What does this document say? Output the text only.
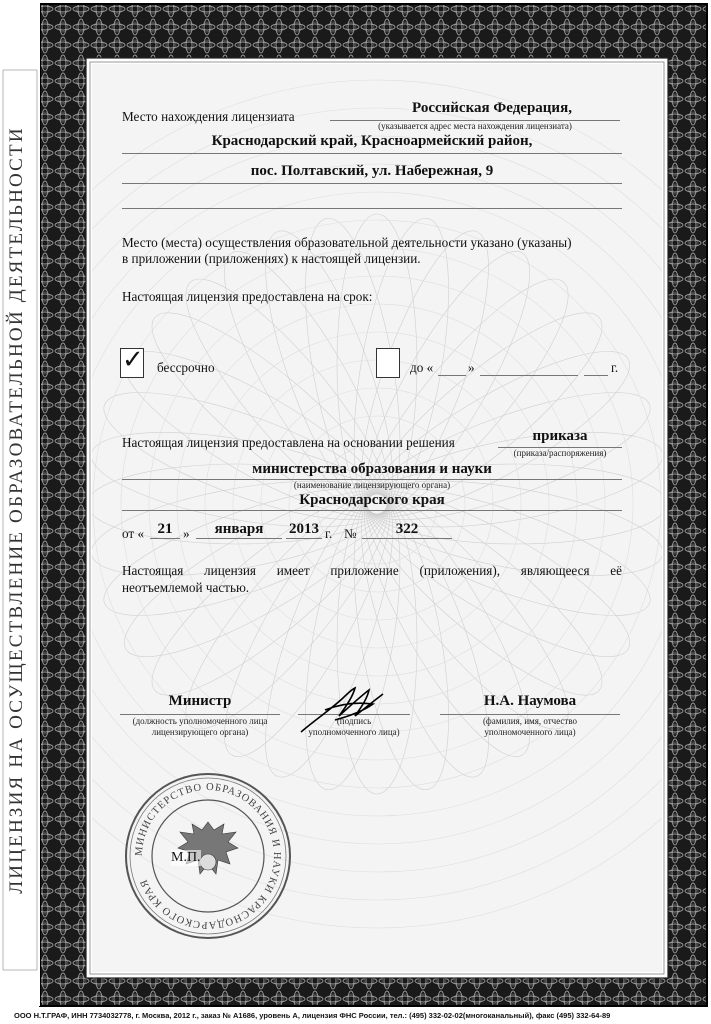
ЛИЦЕНЗИЯ НА ОСУЩЕСТВЛЕНИЕ ОБРАЗОВАТЕЛЬНОЙ ДЕЯТЕЛЬНОСТИ
Место нахождения лицензиата
Российская Федерация,
(указывается адрес места нахождения лицензиата)
Краснодарский край, Красноармейский район,
пос. Полтавский, ул. Набережная, 9
Место (места) осуществления образовательной деятельности указано (указаны)
в приложении (приложениях) к настоящей лицензии.
Настоящая лицензия предоставлена на срок:
✓ бессрочно	до «	»	г.
Настоящая лицензия предоставлена на основании решения	приказа
(приказа/распоряжения)
министерства образования и науки
(наименование лицензирующего органа)
Краснодарского края
от « 21 »	января	2013 г. №	322
Настоящая лицензия имеет приложение (приложения), являющееся её
неотъемлемой частью.
Министр
(должность уполномоченного лица
лицензирующего органа)
(подпись
уполномоченного лица)
Н.А. Наумова
(фамилия, имя, отчество
уполномоченного лица)
МИНИСТЕРСТВО ОБРАЗОВАНИЯ И НАУКИ КРАСНОДАРСКОГО КРАЯ
М.П.
ООО Н.Т.ГРАФ, ИНН 7734032778, г. Москва, 2012 г., заказ № А1686, уровень А, лицензия ФНС России, тел.: (495) 332-02-02(многоканальный), факс (495) 332-64-89
